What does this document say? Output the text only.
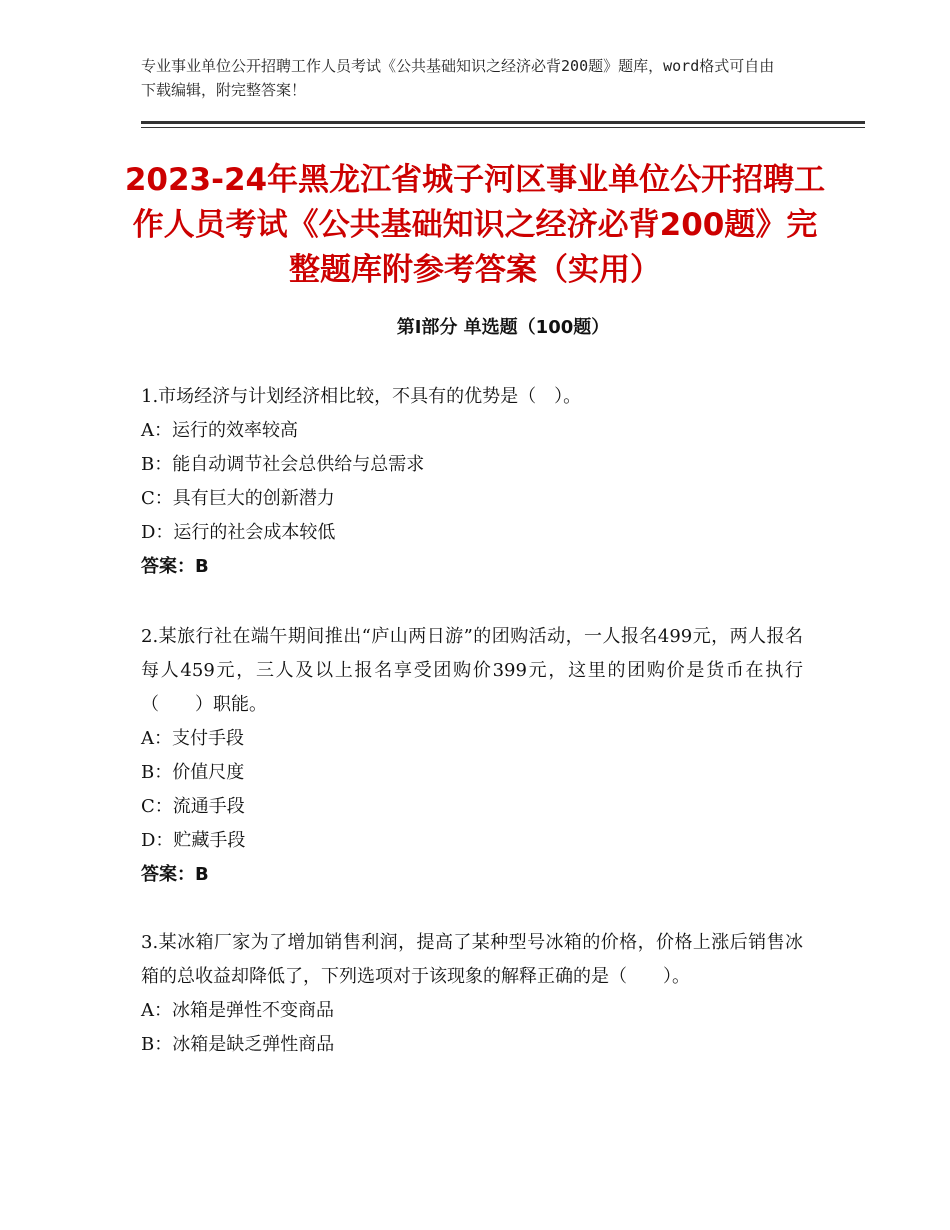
专业事业单位公开招聘工作人员考试《公共基础知识之经济必背200题》题库，word格式可自由下载编辑，附完整答案！
2023-24年黑龙江省城子河区事业单位公开招聘工作人员考试《公共基础知识之经济必背200题》完整题库附参考答案（实用）
第Ⅰ部分 单选题（100题）
1.市场经济与计划经济相比较，不具有的优势是（　）。
A：运行的效率较高
B：能自动调节社会总供给与总需求
C：具有巨大的创新潜力
D：运行的社会成本较低
答案：B
2.某旅行社在端午期间推出“庐山两日游”的团购活动，一人报名499元，两人报名每人459元，三人及以上报名享受团购价399元，这里的团购价是货币在执行（　　）职能。
A：支付手段
B：价值尺度
C：流通手段
D：贮藏手段
答案：B
3.某冰箱厂家为了增加销售利润，提高了某种型号冰箱的价格，价格上涨后销售冰箱的总收益却降低了，下列选项对于该现象的解释正确的是（　　）。
A：冰箱是弹性不变商品
B：冰箱是缺乏弹性商品
